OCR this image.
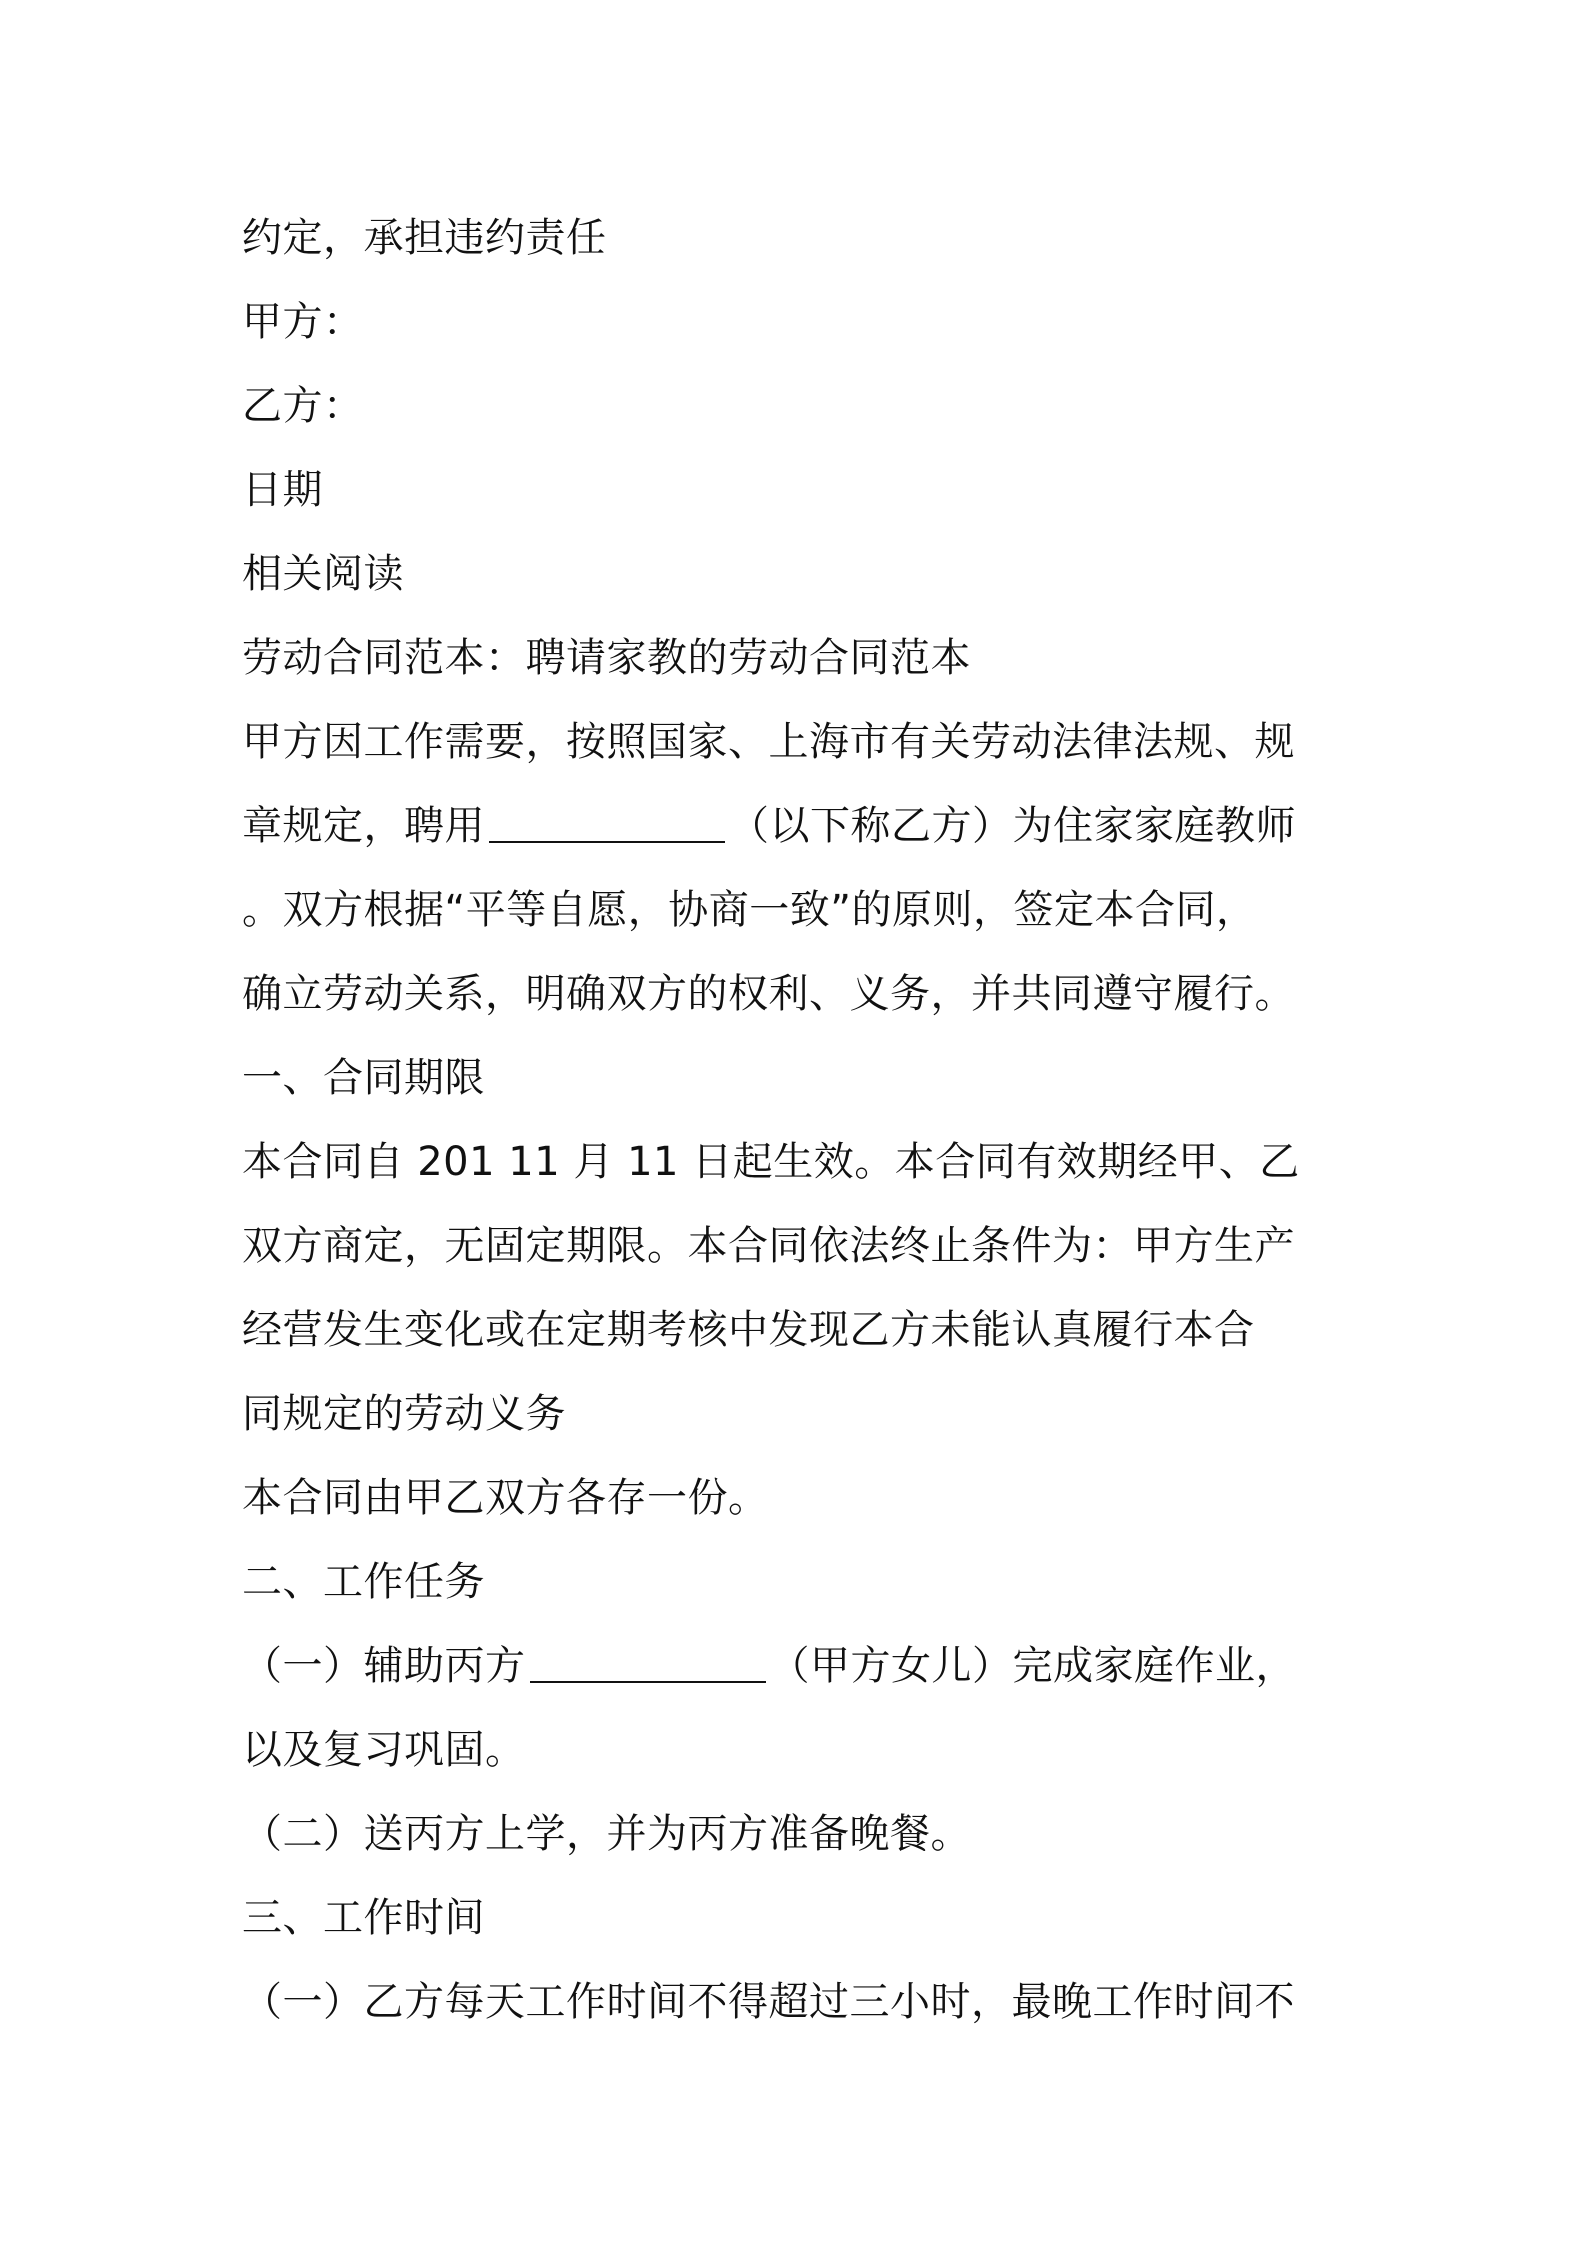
约定，承担违约责任
甲方：
乙方：
日期
相关阅读
劳动合同范本：聘请家教的劳动合同范本
甲方因工作需要，按照国家、上海市有关劳动法律法规、规
章规定，聘用	（以下称乙方）为住家家庭教师
。双方根据“平等自愿，协商一致”的原则，签定本合同，
确立劳动关系，明确双方的权利、义务，并共同遵守履行。
一、合同期限
本合同自 201 11 月 11 日起生效。本合同有效期经甲、乙
双方商定，无固定期限。本合同依法终止条件为：甲方生产
经营发生变化或在定期考核中发现乙方未能认真履行本合
同规定的劳动义务
本合同由甲乙双方各存一份。
二、工作任务
（一）辅助丙方	（甲方女儿）完成家庭作业，
以及复习巩固。
（二）送丙方上学，并为丙方准备晚餐。
三、工作时间
（一）乙方每天工作时间不得超过三小时，最晚工作时间不
